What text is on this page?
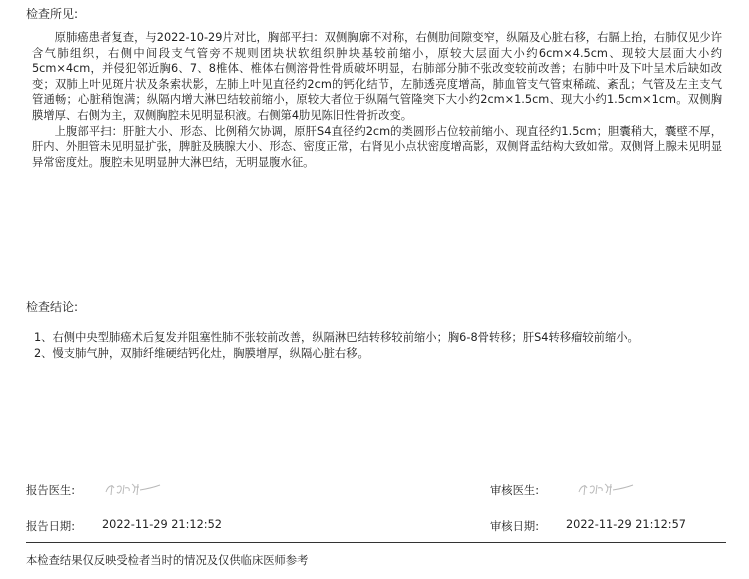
检查所见:

原肺癌患者复查，与2022-10-29片对比，胸部平扫：双侧胸廓不对称，右侧肋间隙变窄，纵隔及心脏右移，右膈上抬，右肺仅见少许含气肺组织，右侧中间段支气管旁不规则团块状软组织肿块基较前缩小，原较大层面大小约6cm×4.5cm、现较大层面大小约5cm×4cm，并侵犯邻近胸6、7、8椎体、椎体右侧溶骨性骨质破坏明显，右肺部分肺不张改变较前改善；右肺中叶及下叶呈术后缺如改变；双肺上叶见斑片状及条索状影，左肺上叶见直径约2cm的钙化结节，左肺透亮度增高，肺血管支气管束稀疏、紊乱；气管及左主支气管通畅；心脏稍饱满；纵隔内增大淋巴结较前缩小，原较大者位于纵隔气管隆突下大小约2cm×1.5cm、现大小约1.5cm×1cm。双侧胸膜增厚、右侧为主，双侧胸腔未见明显积液。右侧第4肋见陈旧性骨折改变。

上腹部平扫：肝脏大小、形态、比例稍欠协调，原肝S4直径约2cm的类圆形占位较前缩小、现直径约1.5cm；胆囊稍大，囊壁不厚，肝内、外胆管未见明显扩张，脾脏及胰腺大小、形态、密度正常，右肾见小点状密度增高影，双侧肾盂结构大致如常。双侧肾上腺未见明显异常密度灶。腹腔未见明显肿大淋巴结，无明显腹水征。

检查结论:
1、右侧中央型肺癌术后复发并阻塞性肺不张较前改善，纵隔淋巴结转移较前缩小；胸6-8骨转移；肝S4转移瘤较前缩小。
2、慢支肺气肿，双肺纤维硬结钙化灶，胸膜增厚，纵隔心脏右移。
报告医生:	审核医生:
报告日期: 2022-11-29 21:12:52	审核日期: 2022-11-29 21:12:57
本检查结果仅反映受检者当时的情况及仅供临床医师参考
